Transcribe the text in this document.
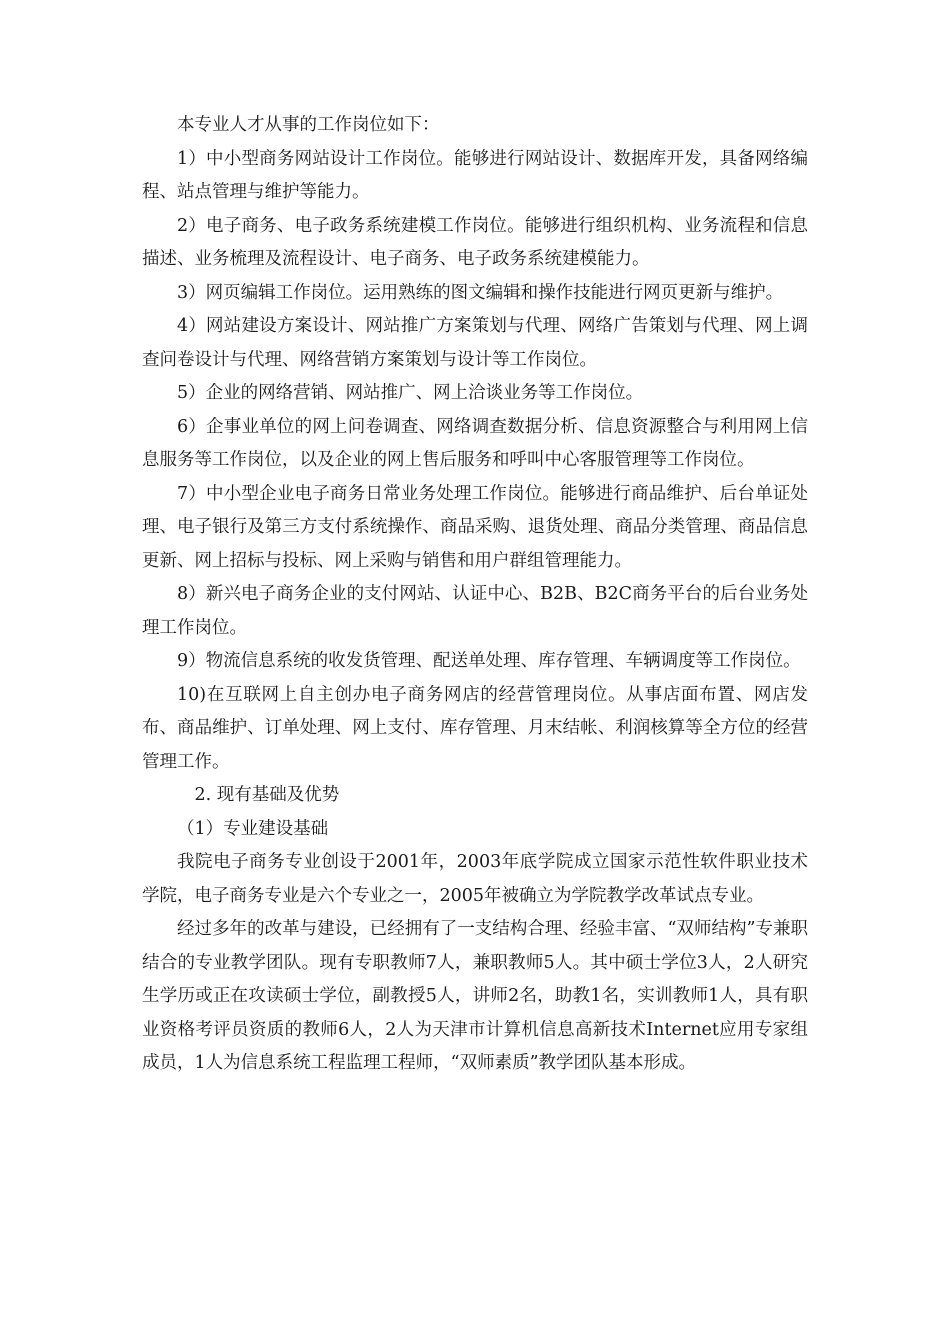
本专业人才从事的工作岗位如下：

1）中小型商务网站设计工作岗位。能够进行网站设计、数据库开发，具备网络编程、站点管理与维护等能力。

2）电子商务、电子政务系统建模工作岗位。能够进行组织机构、业务流程和信息描述、业务梳理及流程设计、电子商务、电子政务系统建模能力。

3）网页编辑工作岗位。运用熟练的图文编辑和操作技能进行网页更新与维护。

4）网站建设方案设计、网站推广方案策划与代理、网络广告策划与代理、网上调查问卷设计与代理、网络营销方案策划与设计等工作岗位。

5）企业的网络营销、网站推广、网上洽谈业务等工作岗位。

6）企事业单位的网上问卷调查、网络调查数据分析、信息资源整合与利用网上信息服务等工作岗位，以及企业的网上售后服务和呼叫中心客服管理等工作岗位。

7）中小型企业电子商务日常业务处理工作岗位。能够进行商品维护、后台单证处理、电子银行及第三方支付系统操作、商品采购、退货处理、商品分类管理、商品信息更新、网上招标与投标、网上采购与销售和用户群组管理能力。

8）新兴电子商务企业的支付网站、认证中心、B2B、B2C商务平台的后台业务处理工作岗位。

9）物流信息系统的收发货管理、配送单处理、库存管理、车辆调度等工作岗位。

10)在互联网上自主创办电子商务网店的经营管理岗位。从事店面布置、网店发布、商品维护、订单处理、网上支付、库存管理、月末结帐、利润核算等全方位的经营管理工作。

2. 现有基础及优势

（1）专业建设基础

我院电子商务专业创设于2001年，2003年底学院成立国家示范性软件职业技术学院，电子商务专业是六个专业之一，2005年被确立为学院教学改革试点专业。

经过多年的改革与建设，已经拥有了一支结构合理、经验丰富、“双师结构”专兼职结合的专业教学团队。现有专职教师7人，兼职教师5人。其中硕士学位3人，2人研究生学历或正在攻读硕士学位，副教授5人，讲师2名，助教1名，实训教师1人，具有职业资格考评员资质的教师6人，2人为天津市计算机信息高新技术Internet应用专家组成员，1人为信息系统工程监理工程师，“双师素质”教学团队基本形成。
